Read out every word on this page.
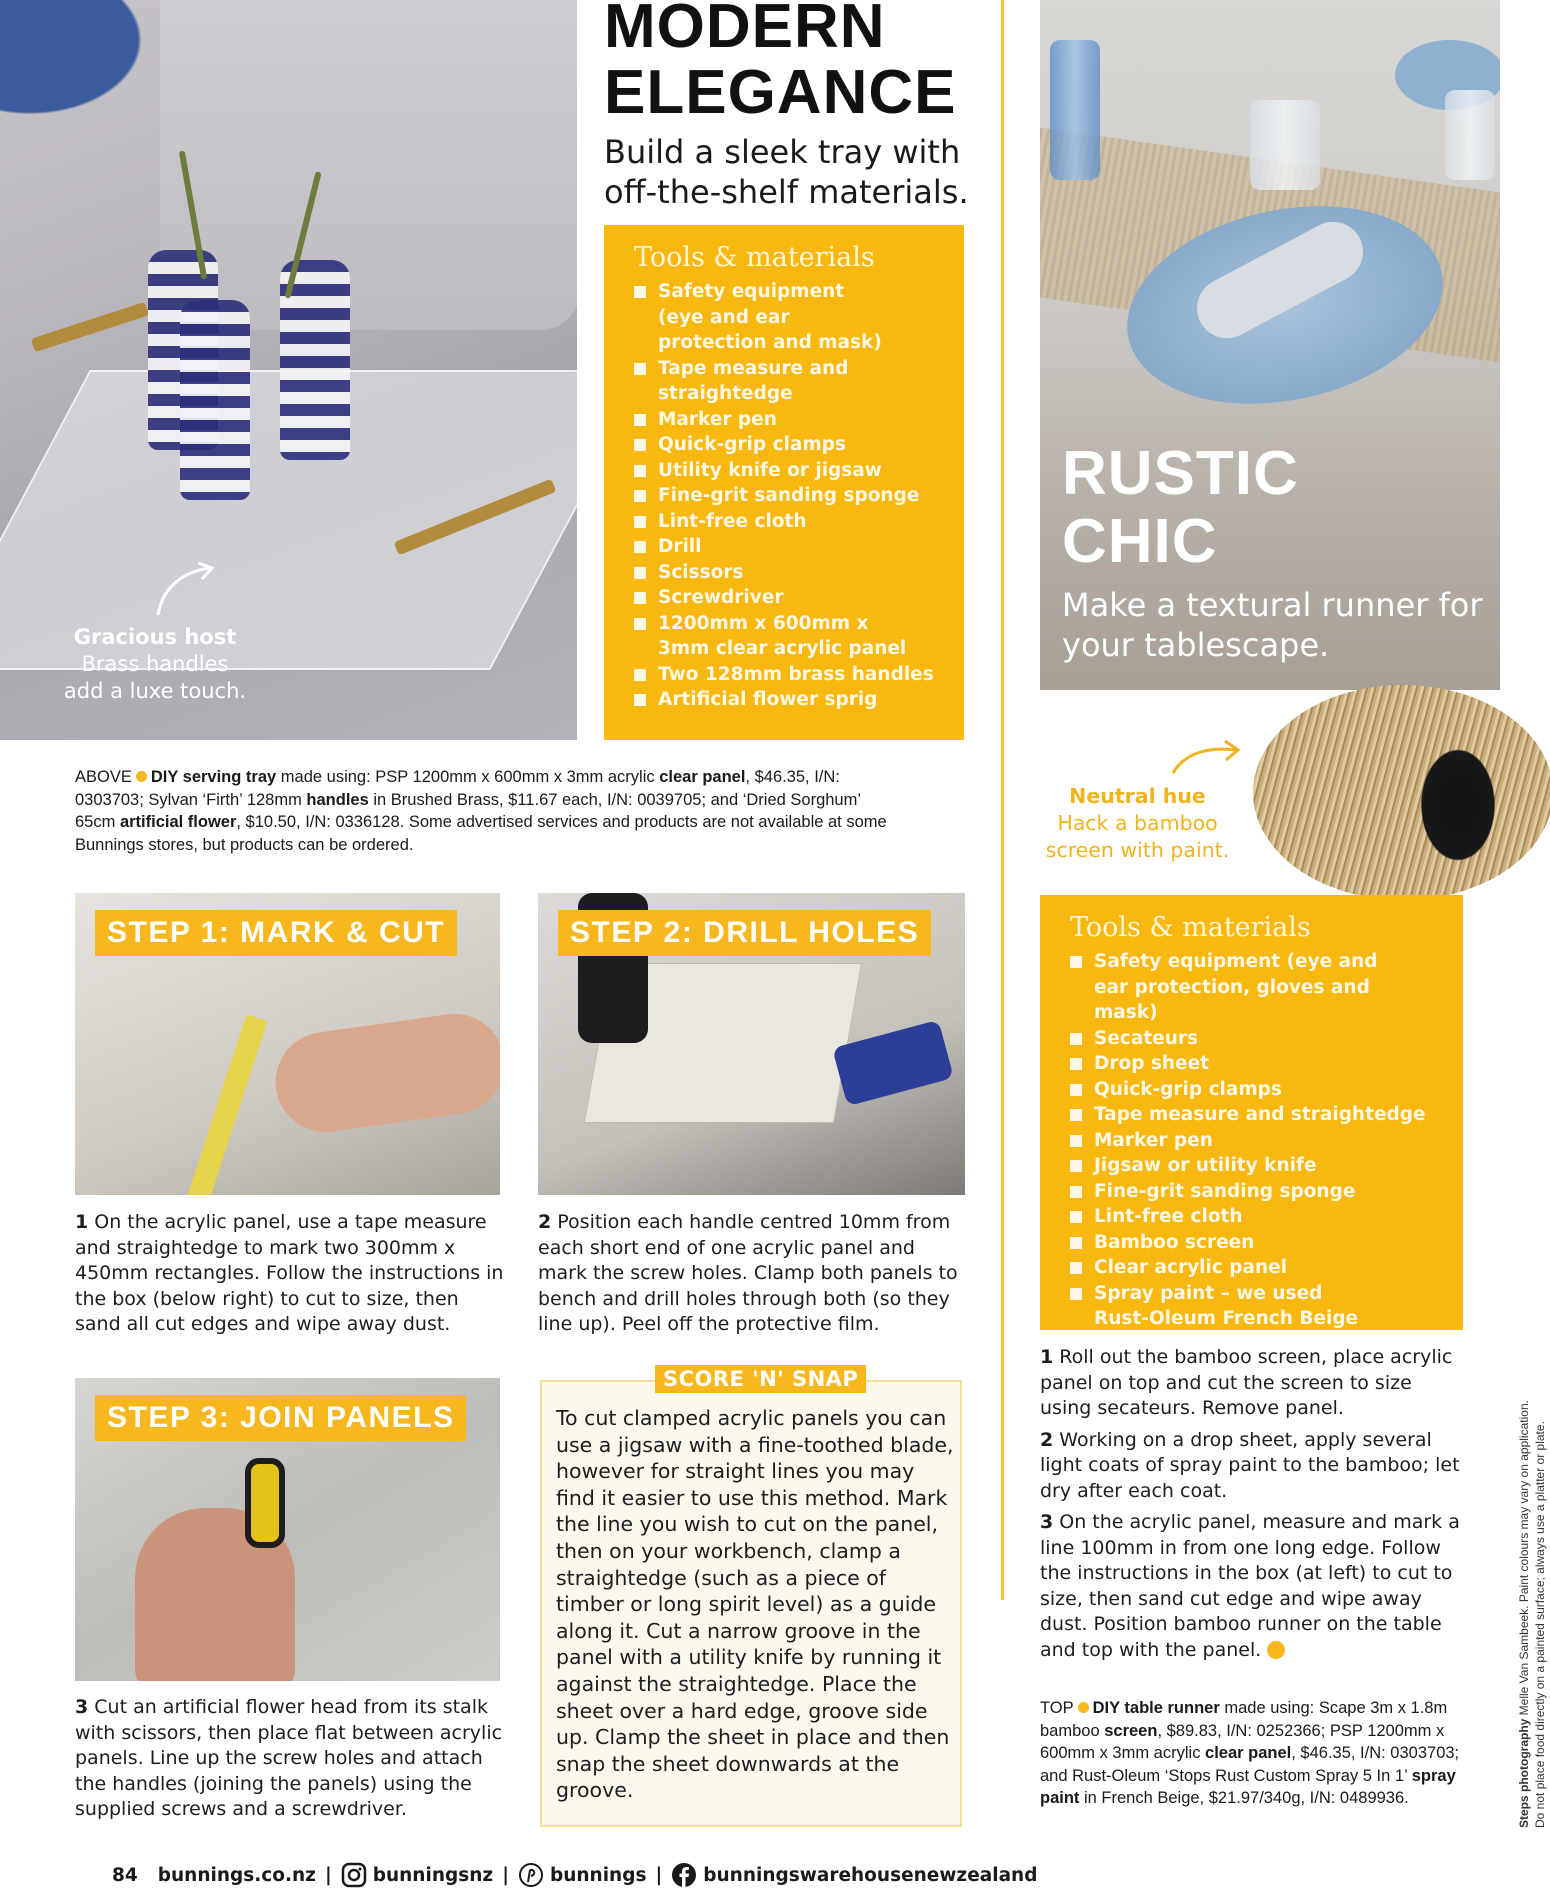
Gracious host
Brass handles
add a luxe touch.
MODERN
ELEGANCE
Build a sleek tray with
off-the-shelf materials.
Tools & materials
Safety equipment (eye and ear protection and mask)
Tape measure and straightedge
Marker pen
Quick-grip clamps
Utility knife or jigsaw
Fine-grit sanding sponge
Lint-free cloth
Drill
Scissors
Screwdriver
1200mm x 600mm x 3mm clear acrylic panel
Two 128mm brass handles
Artificial flower sprig
ABOVE DIY serving tray made using: PSP 1200mm x 600mm x 3mm acrylic clear panel, $46.35, I/N: 0303703; Sylvan ‘Firth’ 128mm handles in Brushed Brass, $11.67 each, I/N: 0039705; and ‘Dried Sorghum’ 65cm artificial flower, $10.50, I/N: 0336128. Some advertised services and products are not available at some Bunnings stores, but products can be ordered.
STEP 1: MARK & CUT	STEP 2: DRILL HOLES
1 On the acrylic panel, use a tape measure and straightedge to mark two 300mm x 450mm rectangles. Follow the instructions in the box (below right) to cut to size, then sand all cut edges and wipe away dust.
2 Position each handle centred 10mm from each short end of one acrylic panel and mark the screw holes. Clamp both panels to bench and drill holes through both (so they line up). Peel off the protective film.
STEP 3: JOIN PANELS
3 Cut an artificial flower head from its stalk with scissors, then place flat between acrylic panels. Line up the screw holes and attach the handles (joining the panels) using the supplied screws and a screwdriver.
SCORE 'N' SNAP
To cut clamped acrylic panels you can use a jigsaw with a fine-toothed blade, however for straight lines you may find it easier to use this method. Mark the line you wish to cut on the panel, then on your workbench, clamp a straightedge (such as a piece of timber or long spirit level) as a guide along it. Cut a narrow groove in the panel with a utility knife by running it against the straightedge. Place the sheet over a hard edge, groove side up. Clamp the sheet in place and then snap the sheet downwards at the groove.
RUSTIC
CHIC
Make a textural runner for
your tablescape.
Neutral hue
Hack a bamboo
screen with paint.
Tools & materials
Safety equipment (eye and ear protection, gloves and mask)
Secateurs
Drop sheet
Quick-grip clamps
Tape measure and straightedge
Marker pen
Jigsaw or utility knife
Fine-grit sanding sponge
Lint-free cloth
Bamboo screen
Clear acrylic panel
Spray paint – we used Rust-Oleum French Beige
1 Roll out the bamboo screen, place acrylic panel on top and cut the screen to size using secateurs. Remove panel.
2 Working on a drop sheet, apply several light coats of spray paint to the bamboo; let dry after each coat.
3 On the acrylic panel, measure and mark a line 100mm in from one long edge. Follow the instructions in the box (at left) to cut to size, then sand cut edge and wipe away dust. Position bamboo runner on the table and top with the panel.
TOP DIY table runner made using: Scape 3m x 1.8m bamboo screen, $89.83, I/N: 0252366; PSP 1200mm x 600mm x 3mm acrylic clear panel, $46.35, I/N: 0303703; and Rust-Oleum ‘Stops Rust Custom Spray 5 In 1’ spray paint in French Beige, $21.97/340g, I/N: 0489936.	Steps photography Melle Van Sambeek. Paint colours may vary on application. Do not place food directly on a painted surface; always use a platter or plate.
84 bunnings.co.nz | bunningsnz | bunnings | bunningswarehousenewzealand
